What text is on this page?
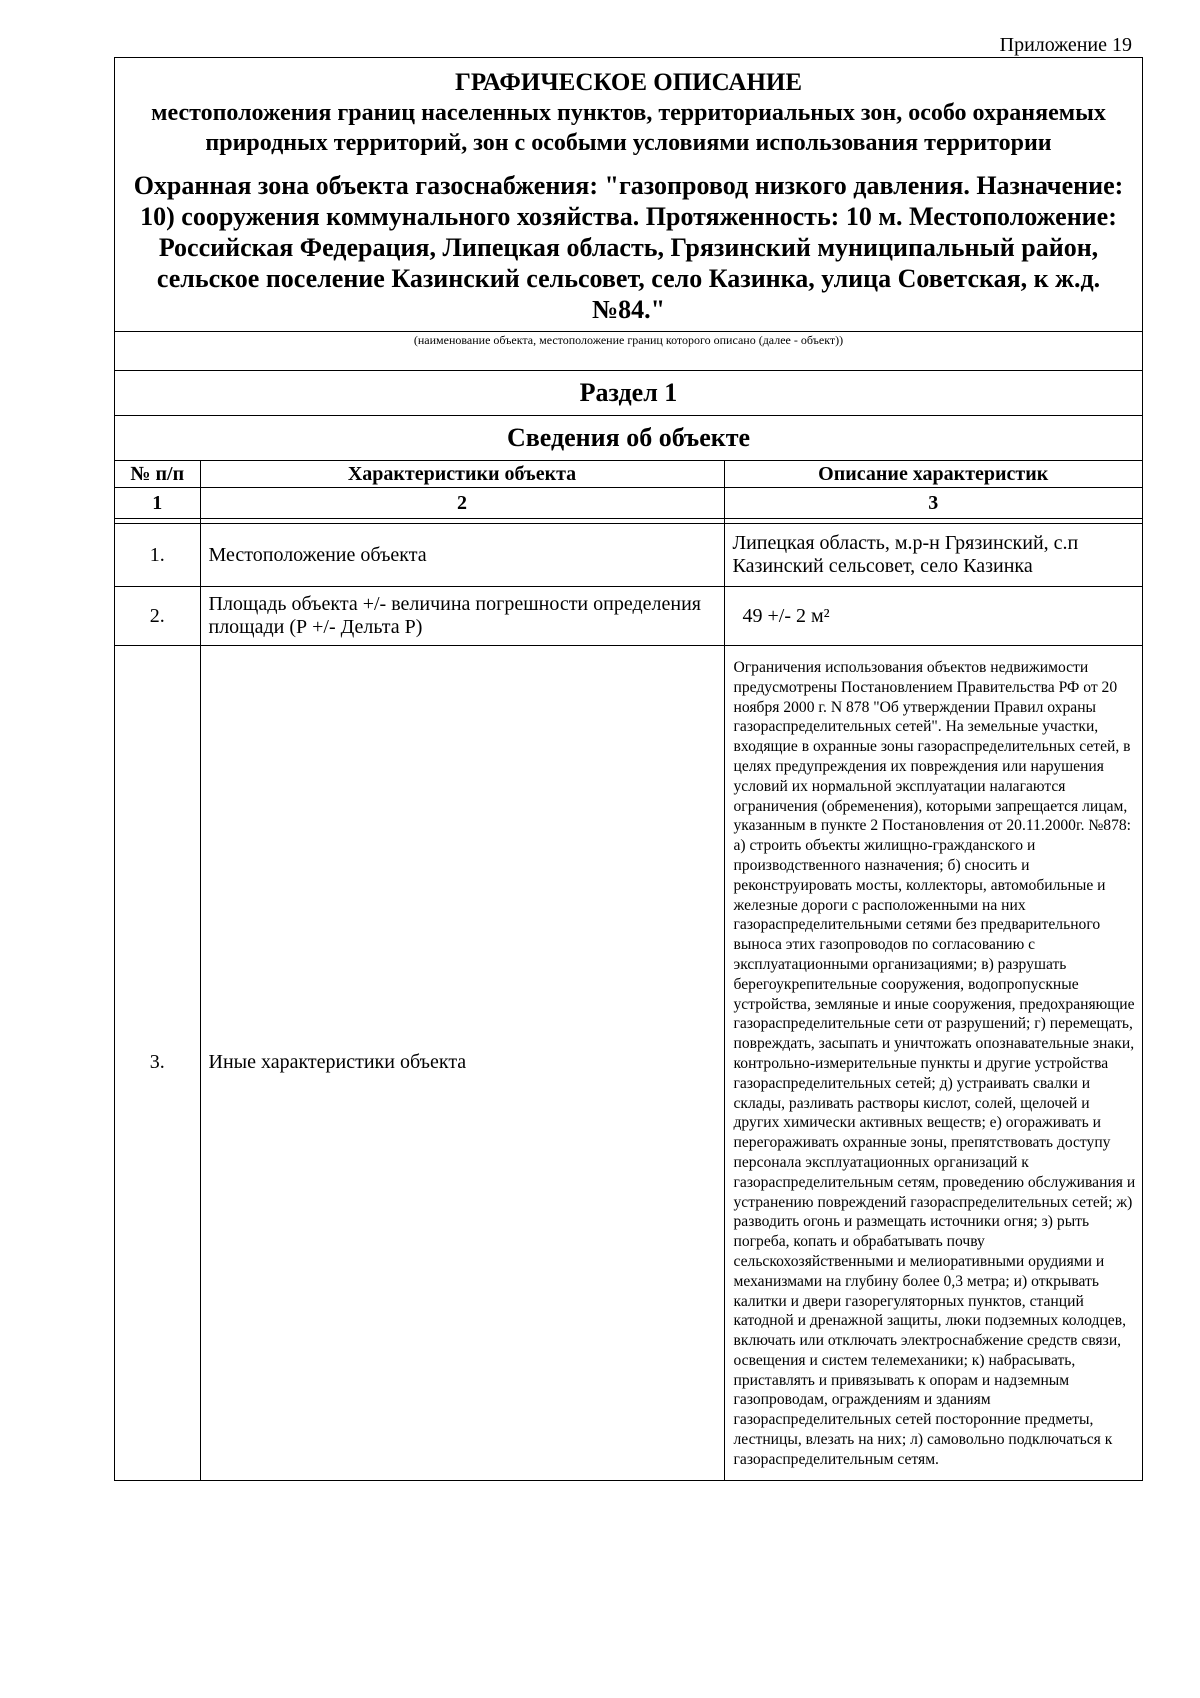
Приложение 19
ГРАФИЧЕСКОЕ ОПИСАНИЕ
местоположения границ населенных пунктов, территориальных зон, особо охраняемых природных территорий, зон с особыми условиями использования территории
Охранная зона объекта газоснабжения: "газопровод низкого давления. Назначение: 10) сооружения коммунального хозяйства. Протяженность: 10 м. Местоположение: Российская Федерация, Липецкая область, Грязинский муниципальный район, сельское поселение Казинский сельсовет, село Казинка, улица Советская, к ж.д. №84."
(наименование объекта, местоположение границ которого описано (далее - объект))
Раздел 1
Сведения об объекте
№ п/п	Характеристики объекта	Описание характеристик
1	2	3

1.	Местоположение объекта	Липецкая область, м.р-н Грязинский, с.п Казинский сельсовет, село Казинка
2.	Площадь объекта +/- величина погрешности определения площади (Р +/- Дельта Р)	49 +/- 2 м²
3.	Иные характеристики объекта	Ограничения использования объектов недвижимости предусмотрены Постановлением Правительства РФ от 20 ноября 2000 г. N 878 "Об утверждении Правил охраны газораспределительных сетей". На земельные участки, входящие в охранные зоны газораспределительных сетей, в целях предупреждения их повреждения или нарушения условий их нормальной эксплуатации налагаются ограничения (обременения), которыми запрещается лицам, указанным в пункте 2 Постановления от 20.11.2000г. №878: а) строить объекты жилищно-гражданского и производственного назначения; б) сносить и реконструировать мосты, коллекторы, автомобильные и железные дороги с расположенными на них газораспределительными сетями без предварительного выноса этих газопроводов по согласованию с эксплуатационными организациями; в) разрушать берегоукрепительные сооружения, водопропускные устройства, земляные и иные сооружения, предохраняющие газораспределительные сети от разрушений; г) перемещать, повреждать, засыпать и уничтожать опознавательные знаки, контрольно-измерительные пункты и другие устройства газораспределительных сетей; д) устраивать свалки и склады, разливать растворы кислот, солей, щелочей и других химически активных веществ; е) огораживать и перегораживать охранные зоны, препятствовать доступу персонала эксплуатационных организаций к газораспределительным сетям, проведению обслуживания и устранению повреждений газораспределительных сетей; ж) разводить огонь и размещать источники огня; з) рыть погреба, копать и обрабатывать почву сельскохозяйственными и мелиоративными орудиями и механизмами на глубину более 0,3 метра; и) открывать калитки и двери газорегуляторных пунктов, станций катодной и дренажной защиты, люки подземных колодцев, включать или отключать электроснабжение средств связи, освещения и систем телемеханики; к) набрасывать, приставлять и привязывать к опорам и надземным газопроводам, ограждениям и зданиям газораспределительных сетей посторонние предметы, лестницы, влезать на них; л) самовольно подключаться к газораспределительным сетям.
